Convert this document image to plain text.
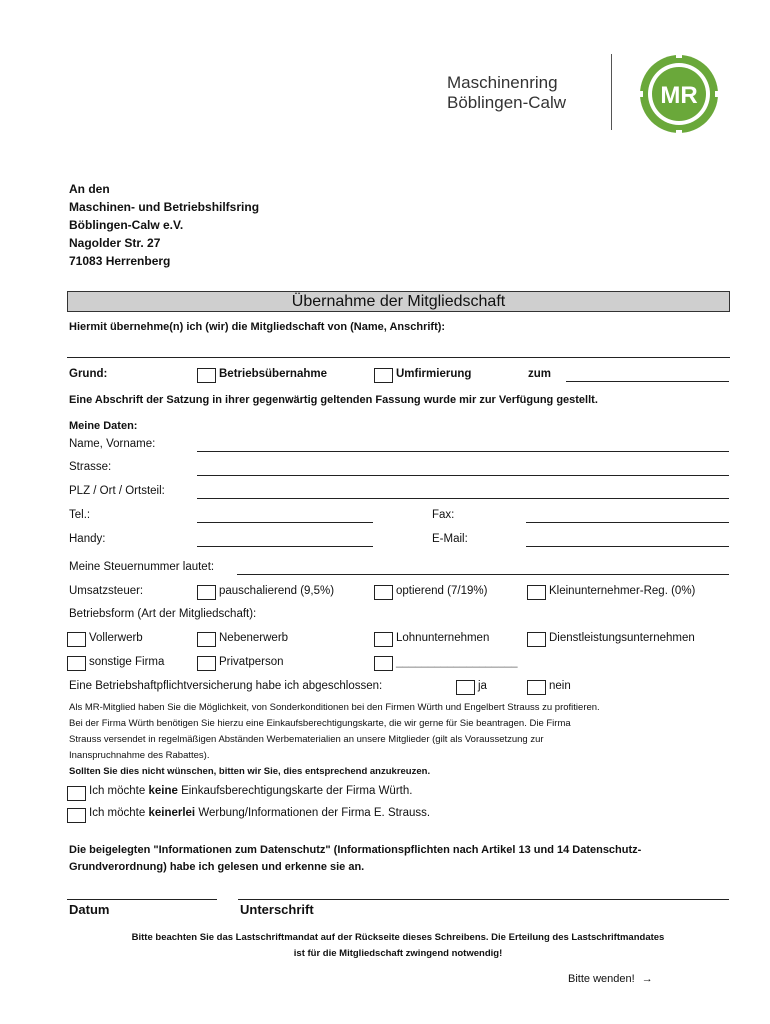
Maschinenring
Böblingen-Calw	MR
An den
Maschinen- und Betriebshilfsring
Böblingen-Calw e.V.
Nagolder Str. 27
71083 Herrenberg
Übernahme der Mitgliedschaft
Hiermit übernehme(n) ich (wir) die Mitgliedschaft von (Name, Anschrift):
Grund:	Betriebsübernahme	Umfirmierung	zum
Eine Abschrift der Satzung in ihrer gegenwärtig geltenden Fassung wurde mir zur Verfügung gestellt.
Meine Daten:
Name, Vorname:
Strasse:
PLZ / Ort / Ortsteil:
Tel.:	Fax:
Handy:	E-Mail:
Meine Steuernummer lautet:
Umsatzsteuer:	pauschalierend (9,5%)	optierend (7/19%)	Kleinunternehmer-Reg. (0%)
Betriebsform (Art der Mitgliedschaft):
Vollerwerb	Nebenerwerb	Lohnunternehmen	Dienstleistungsunternehmen
sonstige Firma	Privatperson	___________________
Eine Betriebshaftpflichtversicherung habe ich abgeschlossen:	ja	nein
Als MR-Mitglied haben Sie die Möglichkeit, von Sonderkonditionen bei den Firmen Würth und Engelbert Strauss zu profitieren.
Bei der Firma Würth benötigen Sie hierzu eine Einkaufsberechtigungskarte, die wir gerne für Sie beantragen. Die Firma
Strauss versendet in regelmäßigen Abständen Werbematerialien an unsere Mitglieder (gilt als Voraussetzung zur
Inanspruchnahme des Rabattes).
Sollten Sie dies nicht wünschen, bitten wir Sie, dies entsprechend anzukreuzen.
Ich möchte keine Einkaufsberechtigungskarte der Firma Würth.
Ich möchte keinerlei Werbung/Informationen der Firma E. Strauss.
Die beigelegten "Informationen zum Datenschutz" (Informationspflichten nach Artikel 13 und 14 Datenschutz-
Grundverordnung) habe ich gelesen und erkenne sie an.
Datum	Unterschrift
Bitte beachten Sie das Lastschriftmandat auf der Rückseite dieses Schreibens. Die Erteilung des Lastschriftmandates
ist für die Mitgliedschaft zwingend notwendig!
Bitte wenden! →
